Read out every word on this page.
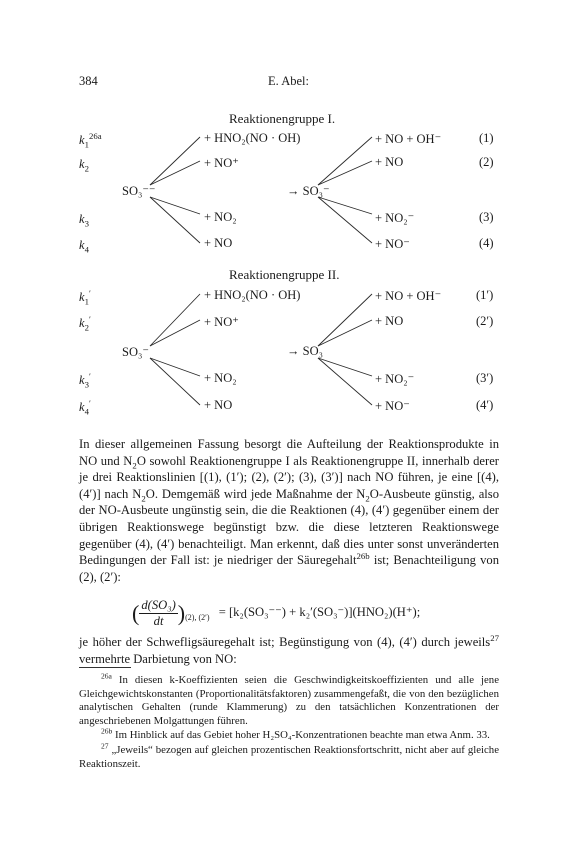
384	E. Abel:
Reaktionengruppe I.
$k_1^{26a}$
$k_2$
$k_3$
$k_4$
SO₃⁻⁻
+ HNO₂(NO · OH)
+ NO⁺
+ NO₂
+ NO
→ SO₃⁻
+ NO + OH⁻
+ NO
+ NO₂⁻
+ NO⁻
(1)
(2)
(3)
(4)
Reaktionengruppe II.
$k_1'$
$k_2'$
$k_3'$
$k_4'$
SO₃⁻
+ HNO₂(NO · OH)
+ NO⁺
+ NO₂
+ NO
→ SO₃
+ NO + OH⁻
+ NO
+ NO₂⁻
+ NO⁻
(1′)
(2′)
(3′)
(4′)

In dieser allgemeinen Fassung besorgt die Aufteilung der Reaktionsprodukte in NO und $N_2O$ sowohl Reaktionengruppe I als Reaktionengruppe II, innerhalb derer je drei Reaktionslinien [(1), (1′); (2), (2′); (3), (3′)] nach NO führen, je eine [(4), (4′)] nach $N_2O$. Demgemäß wird jede Maßnahme der $N_2O$-Ausbeute günstig, also der NO-Ausbeute ungünstig sein, die die Reaktionen (4), (4′) gegenüber einem der übrigen Reaktionswege begünstigt bzw. die diese letzteren Reaktionswege gegenüber (4), (4′) benachteiligt. Man erkennt, daß dies unter sonst unveränderten Bedingungen der Fall ist: je niedriger der Säuregehalt$^{26b}$ ist; Benachteiligung von (2), (2′):

( $\frac{\text{d(SO₃)}}{dt} )_{(2), (2')} = [k_2(SO_3^{--}) + k_2'(SO_3^-)](HNO_2)(H^+)$;
je höher der Schwefligsäuregehalt ist; Begünstigung von (4), (4′) durch jeweils$^{27}$ vermehrte Darbietung von NO:

$^{26a}$ In diesen k-Koeffizienten seien die Geschwindigkeitskoeffizienten und alle jene Gleichgewichtskonstanten (Proportionalitätsfaktoren) zusammengefaßt, die von den bezüglichen analytischen Gehalten (runde Klammerung) zu den tatsächlichen Konzentrationen der angeschriebenen Molgattungen führen.

$^{26b}$ Im Hinblick auf das Gebiet hoher H₂SO₄-Konzentrationen beachte man etwa Anm. 33.

$^{27}$ „Jeweils“ bezogen auf gleichen prozentischen Reaktionsfortschritt, nicht aber auf gleiche Reaktionszeit.
